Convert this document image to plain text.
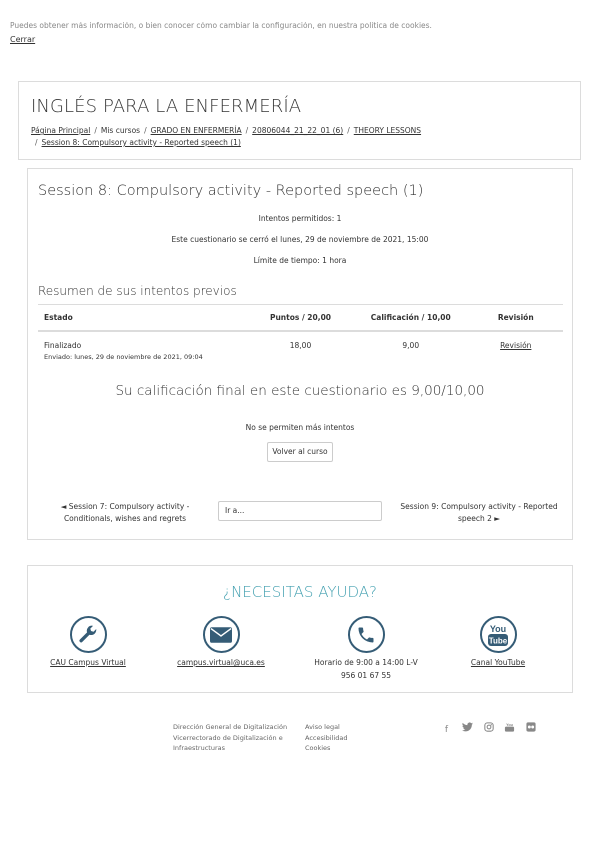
Puedes obtener más información, o bien conocer cómo cambiar la configuración, en nuestra política de cookies.
Cerrar
INGLÉS PARA LA ENFERMERÍA
Página Principal / Mis cursos / GRADO EN ENFERMERÍA / 20806044_21_22_01 (6) / THEORY LESSONS
/ Session 8: Compulsory activity - Reported speech (1)
Session 8: Compulsory activity - Reported speech (1)
Intentos permitidos: 1
Este cuestionario se cerró el lunes, 29 de noviembre de 2021, 15:00
Límite de tiempo: 1 hora
Resumen de sus intentos previos
Estado	Puntos / 20,00	Calificación / 10,00	Revisión
Finalizado
Enviado: lunes, 29 de noviembre de 2021, 09:04	18,00	9,00	Revisión
Su calificación final en este cuestionario es 9,00/10,00
No se permiten más intentos
Volver al curso
◄ Session 7: Compulsory activity - Conditionals, wishes and regrets
Ir a...	Session 9: Compulsory activity - Reported speech 2 ►
¿NECESITAS AYUDA?
CAU Campus Virtual	campus.virtual@uca.es	Horario de 9:00 a 14:00 L-V
956 01 67 55
You
Tube
Canal YouTube
Dirección General de Digitalización
Vicerrectorado de Digitalización e
Infraestructuras
Aviso legal
Accesibilidad
Cookies
f
You
